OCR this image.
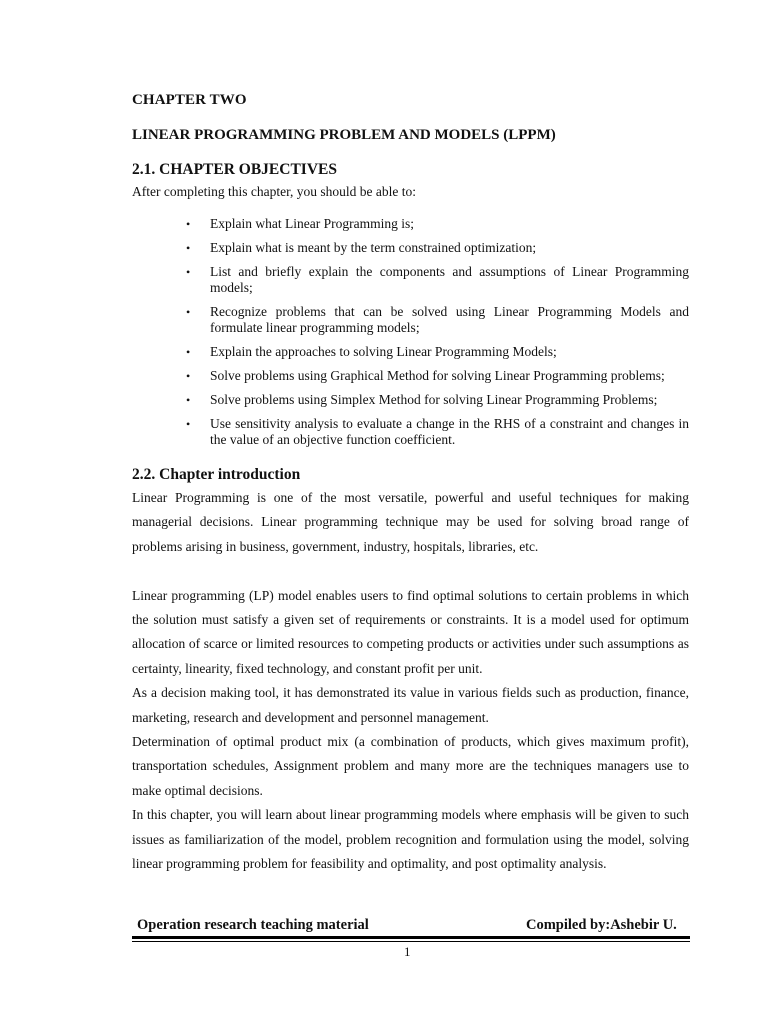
CHAPTER TWO
LINEAR PROGRAMMING PROBLEM AND MODELS (LPPM)
2.1. CHAPTER OBJECTIVES

After completing this chapter, you should be able to:

• Explain what Linear Programming is;
• Explain what is meant by the term constrained optimization;
• List and briefly explain the components and assumptions of Linear Programming models;
• Recognize problems that can be solved using Linear Programming Models and formulate linear programming models;
• Explain the approaches to solving Linear Programming Models;
• Solve problems using Graphical Method for solving Linear Programming problems;
• Solve problems using Simplex Method for solving Linear Programming Problems;
• Use sensitivity analysis to evaluate a change in the RHS of a constraint and changes in the value of an objective function coefficient.
2.2. Chapter introduction

Linear Programming is one of the most versatile, powerful and useful techniques for making managerial decisions. Linear programming technique may be used for solving broad range of problems arising in business, government, industry, hospitals, libraries, etc.

Linear programming (LP) model enables users to find optimal solutions to certain problems in which the solution must satisfy a given set of requirements or constraints. It is a model used for optimum allocation of scarce or limited resources to competing products or activities under such assumptions as certainty, linearity, fixed technology, and constant profit per unit.

As a decision making tool, it has demonstrated its value in various fields such as production, finance, marketing, research and development and personnel management.

Determination of optimal product mix (a combination of products, which gives maximum profit), transportation schedules, Assignment problem and many more are the techniques managers use to make optimal decisions.

In this chapter, you will learn about linear programming models where emphasis will be given to such issues as familiarization of the model, problem recognition and formulation using the model, solving linear programming problem for feasibility and optimality, and post optimality analysis.

Operation research teaching material	Compiled by:Ashebir U.
1
